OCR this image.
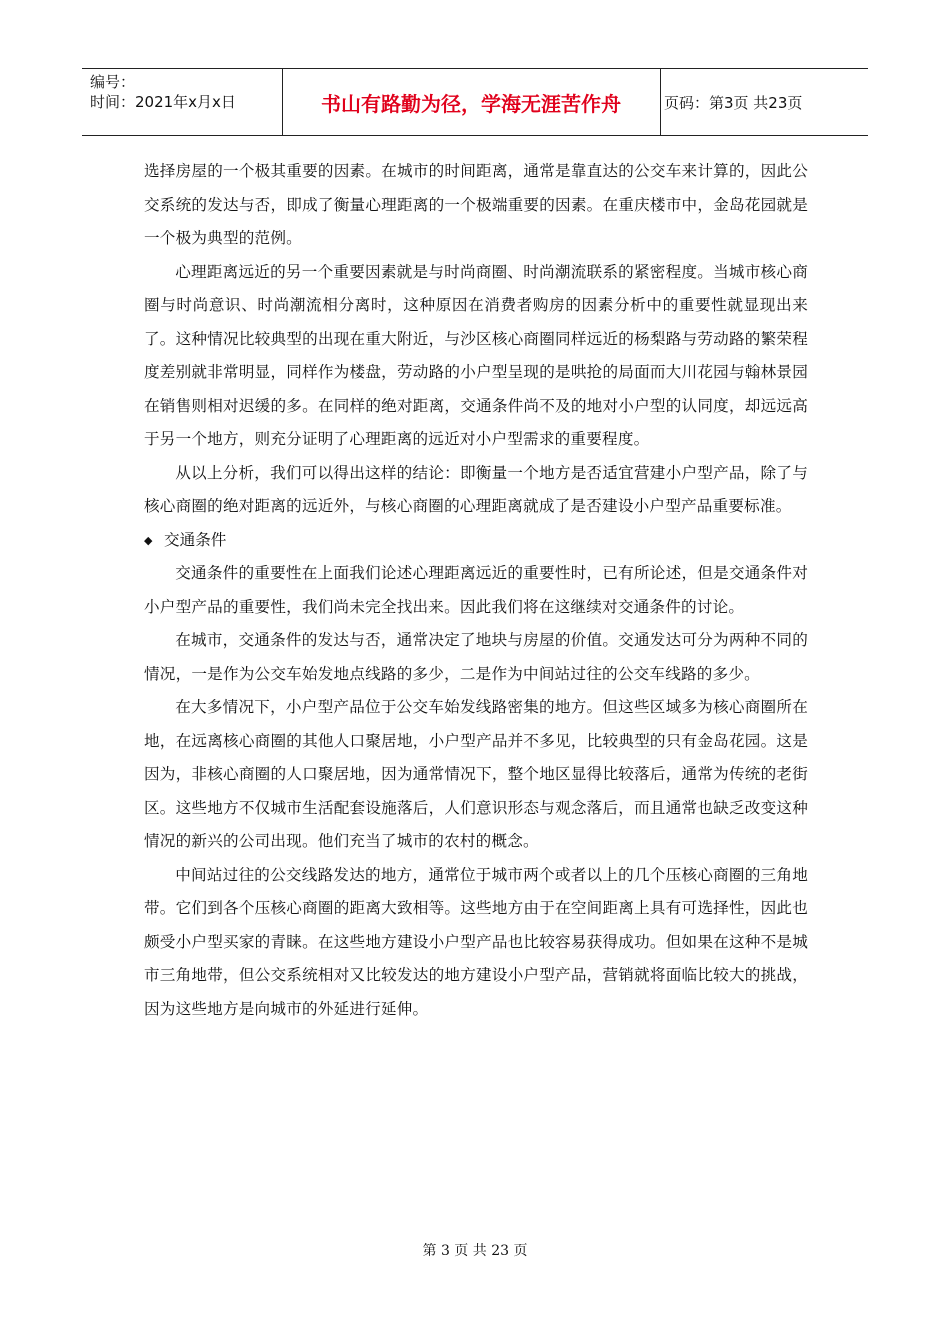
编号：
时间：2021年x月x日	书山有路勤为径，学海无涯苦作舟	页码：第3页 共23页

选择房屋的一个极其重要的因素。在城市的时间距离，通常是靠直达的公交车来计算的，因此公交系统的发达与否，即成了衡量心理距离的一个极端重要的因素。在重庆楼市中，金岛花园就是一个极为典型的范例。

心理距离远近的另一个重要因素就是与时尚商圈、时尚潮流联系的紧密程度。当城市核心商圈与时尚意识、时尚潮流相分离时，这种原因在消费者购房的因素分析中的重要性就显现出来了。这种情况比较典型的出现在重大附近，与沙区核心商圈同样远近的杨梨路与劳动路的繁荣程度差别就非常明显，同样作为楼盘，劳动路的小户型呈现的是哄抢的局面而大川花园与翰林景园在销售则相对迟缓的多。在同样的绝对距离，交通条件尚不及的地对小户型的认同度，却远远高于另一个地方，则充分证明了心理距离的远近对小户型需求的重要程度。

从以上分析，我们可以得出这样的结论：即衡量一个地方是否适宜营建小户型产品，除了与核心商圈的绝对距离的远近外，与核心商圈的心理距离就成了是否建设小户型产品重要标准。

◆ 交通条件

交通条件的重要性在上面我们论述心理距离远近的重要性时，已有所论述，但是交通条件对小户型产品的重要性，我们尚未完全找出来。因此我们将在这继续对交通条件的讨论。

在城市，交通条件的发达与否，通常决定了地块与房屋的价值。交通发达可分为两种不同的情况，一是作为公交车始发地点线路的多少，二是作为中间站过往的公交车线路的多少。

在大多情况下，小户型产品位于公交车始发线路密集的地方。但这些区域多为核心商圈所在地，在远离核心商圈的其他人口聚居地，小户型产品并不多见，比较典型的只有金岛花园。这是因为，非核心商圈的人口聚居地，因为通常情况下，整个地区显得比较落后，通常为传统的老街区。这些地方不仅城市生活配套设施落后，人们意识形态与观念落后，而且通常也缺乏改变这种情况的新兴的公司出现。他们充当了城市的农村的概念。

中间站过往的公交线路发达的地方，通常位于城市两个或者以上的几个压核心商圈的三角地带。它们到各个压核心商圈的距离大致相等。这些地方由于在空间距离上具有可选择性，因此也颇受小户型买家的青睐。在这些地方建设小户型产品也比较容易获得成功。但如果在这种不是城市三角地带，但公交系统相对又比较发达的地方建设小户型产品，营销就将面临比较大的挑战，因为这些地方是向城市的外延进行延伸。

第 3 页 共 23 页
